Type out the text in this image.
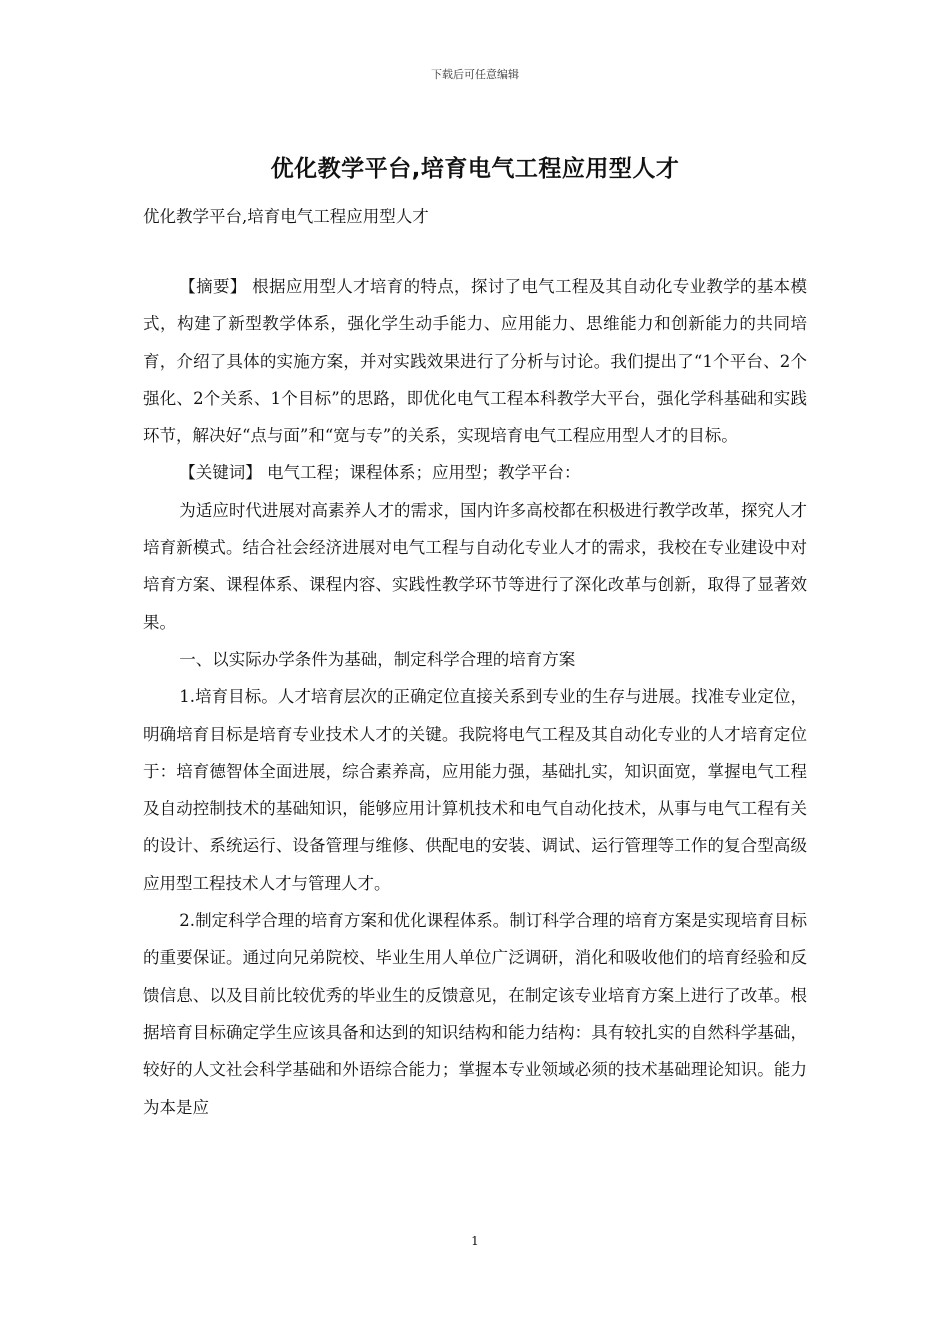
下载后可任意编辑
优化教学平台,培育电气工程应用型人才
优化教学平台,培育电气工程应用型人才

【摘要】 根据应用型人才培育的特点，探讨了电气工程及其自动化专业教学的基本模式，构建了新型教学体系，强化学生动手能力、应用能力、思维能力和创新能力的共同培育，介绍了具体的实施方案，并对实践效果进行了分析与讨论。我们提出了“1个平台、2个强化、2个关系、1个目标”的思路，即优化电气工程本科教学大平台，强化学科基础和实践环节，解决好“点与面”和“宽与专”的关系，实现培育电气工程应用型人才的目标。

【关键词】 电气工程；课程体系；应用型；教学平台：

为适应时代进展对高素养人才的需求，国内许多高校都在积极进行教学改革，探究人才培育新模式。结合社会经济进展对电气工程与自动化专业人才的需求，我校在专业建设中对培育方案、课程体系、课程内容、实践性教学环节等进行了深化改革与创新，取得了显著效果。

一、以实际办学条件为基础，制定科学合理的培育方案

1.培育目标。人才培育层次的正确定位直接关系到专业的生存与进展。找准专业定位，明确培育目标是培育专业技术人才的关键。我院将电气工程及其自动化专业的人才培育定位于：培育德智体全面进展，综合素养高，应用能力强，基础扎实，知识面宽，掌握电气工程及自动控制技术的基础知识，能够应用计算机技术和电气自动化技术，从事与电气工程有关的设计、系统运行、设备管理与维修、供配电的安装、调试、运行管理等工作的复合型高级应用型工程技术人才与管理人才。

2.制定科学合理的培育方案和优化课程体系。制订科学合理的培育方案是实现培育目标的重要保证。通过向兄弟院校、毕业生用人单位广泛调研，消化和吸收他们的培育经验和反馈信息、以及目前比较优秀的毕业生的反馈意见，在制定该专业培育方案上进行了改革。根据培育目标确定学生应该具备和达到的知识结构和能力结构：具有较扎实的自然科学基础，较好的人文社会科学基础和外语综合能力；掌握本专业领域必须的技术基础理论知识。能力为本是应

1
